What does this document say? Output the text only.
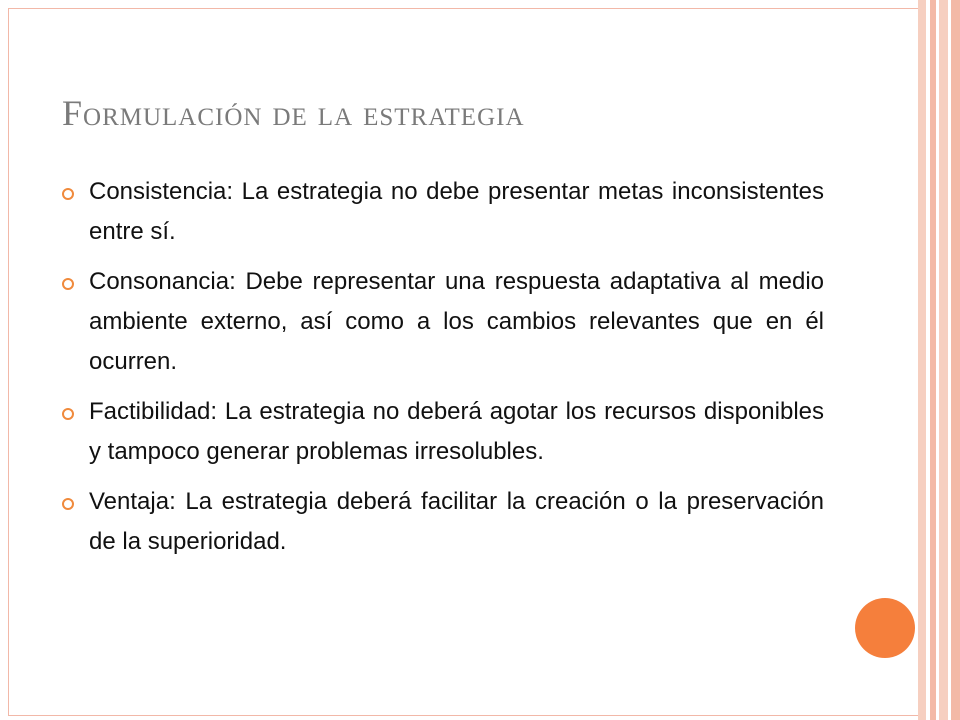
Formulación de la estrategia
Consistencia: La estrategia no debe presentar metas inconsistentes entre sí.
Consonancia: Debe representar una respuesta adaptativa al medio ambiente externo, así como a los cambios relevantes que en él ocurren.
Factibilidad: La estrategia no deberá agotar los recursos disponibles y tampoco generar problemas irresolubles.
Ventaja: La estrategia deberá facilitar la creación o la preservación de la superioridad.
